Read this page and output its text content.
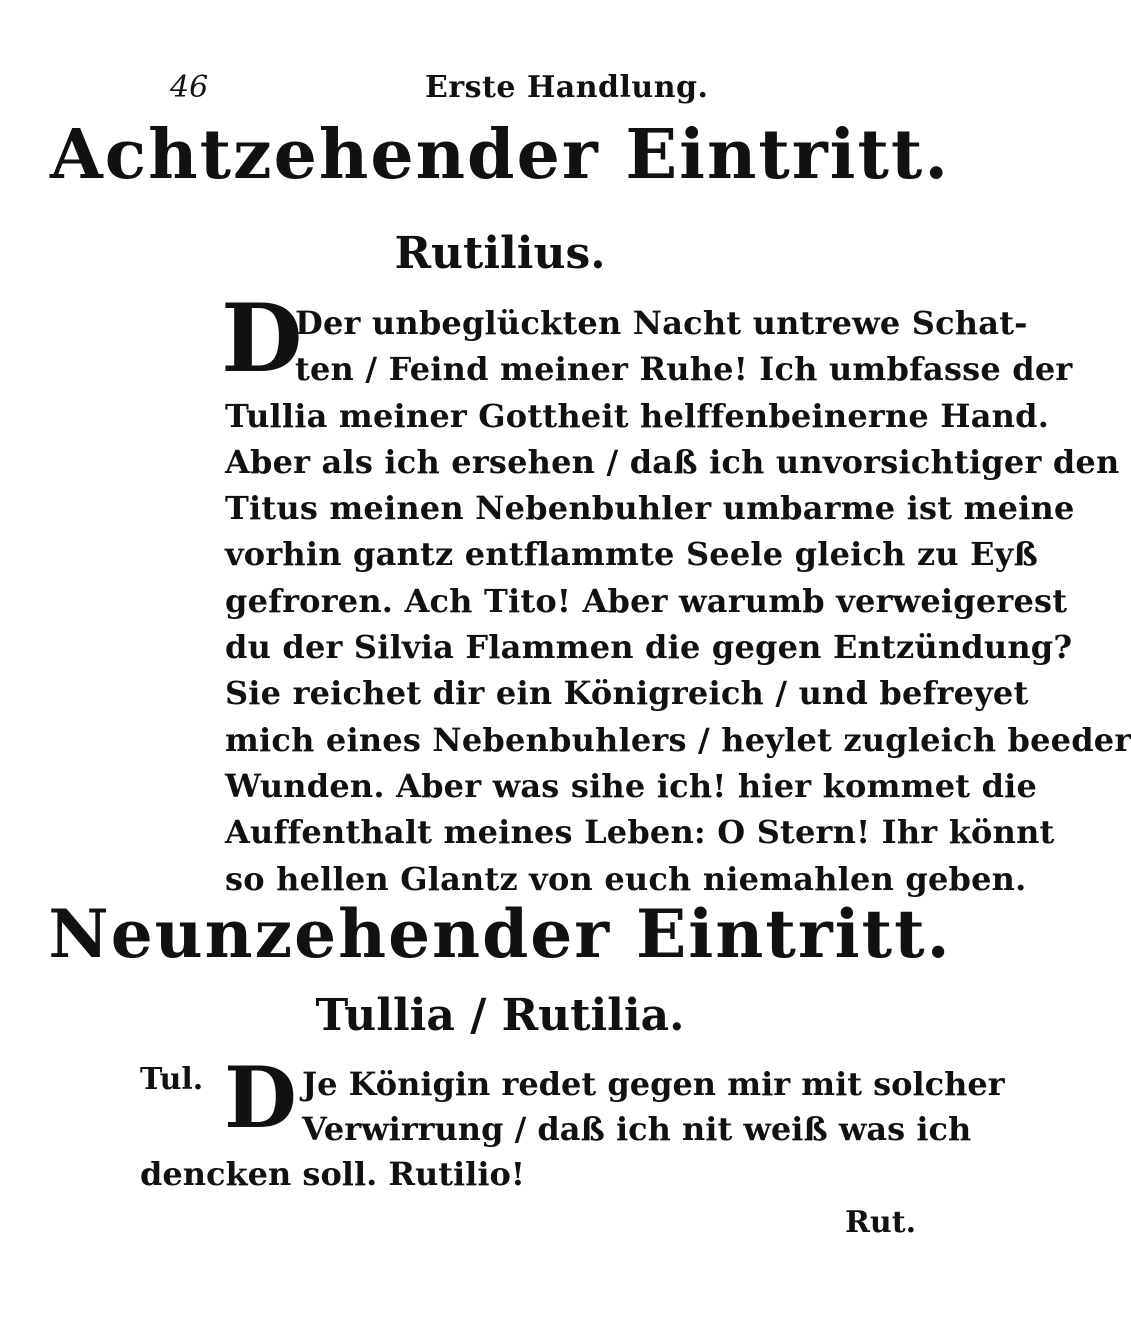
46	Erste Handlung.
Achtzehender Eintritt.
Rutilius.
D
Der unbeglückten Nacht untrewe Schat-
ten / Feind meiner Ruhe! Ich umbfasse der
Tullia meiner Gottheit helffenbeinerne Hand.
Aber als ich ersehen / daß ich unvorsichtiger den
Titus meinen Nebenbuhler umbarme ist meine
vorhin gantz entflammte Seele gleich zu Eyß
gefroren. Ach Tito! Aber warumb verweigerest
du der Silvia Flammen die gegen Entzündung?
Sie reichet dir ein Königreich / und befreyet
mich eines Nebenbuhlers / heylet zugleich beeder
Wunden. Aber was sihe ich! hier kommet die
Auffenthalt meines Leben: O Stern! Ihr könnt
so hellen Glantz von euch niemahlen geben.
Neunzehender Eintritt.
Tullia / Rutilia.
Tul. D Je Königin redet gegen mir mit solcher
Verwirrung / daß ich nit weiß was ich
dencken soll. Rutilio!
Rut.
